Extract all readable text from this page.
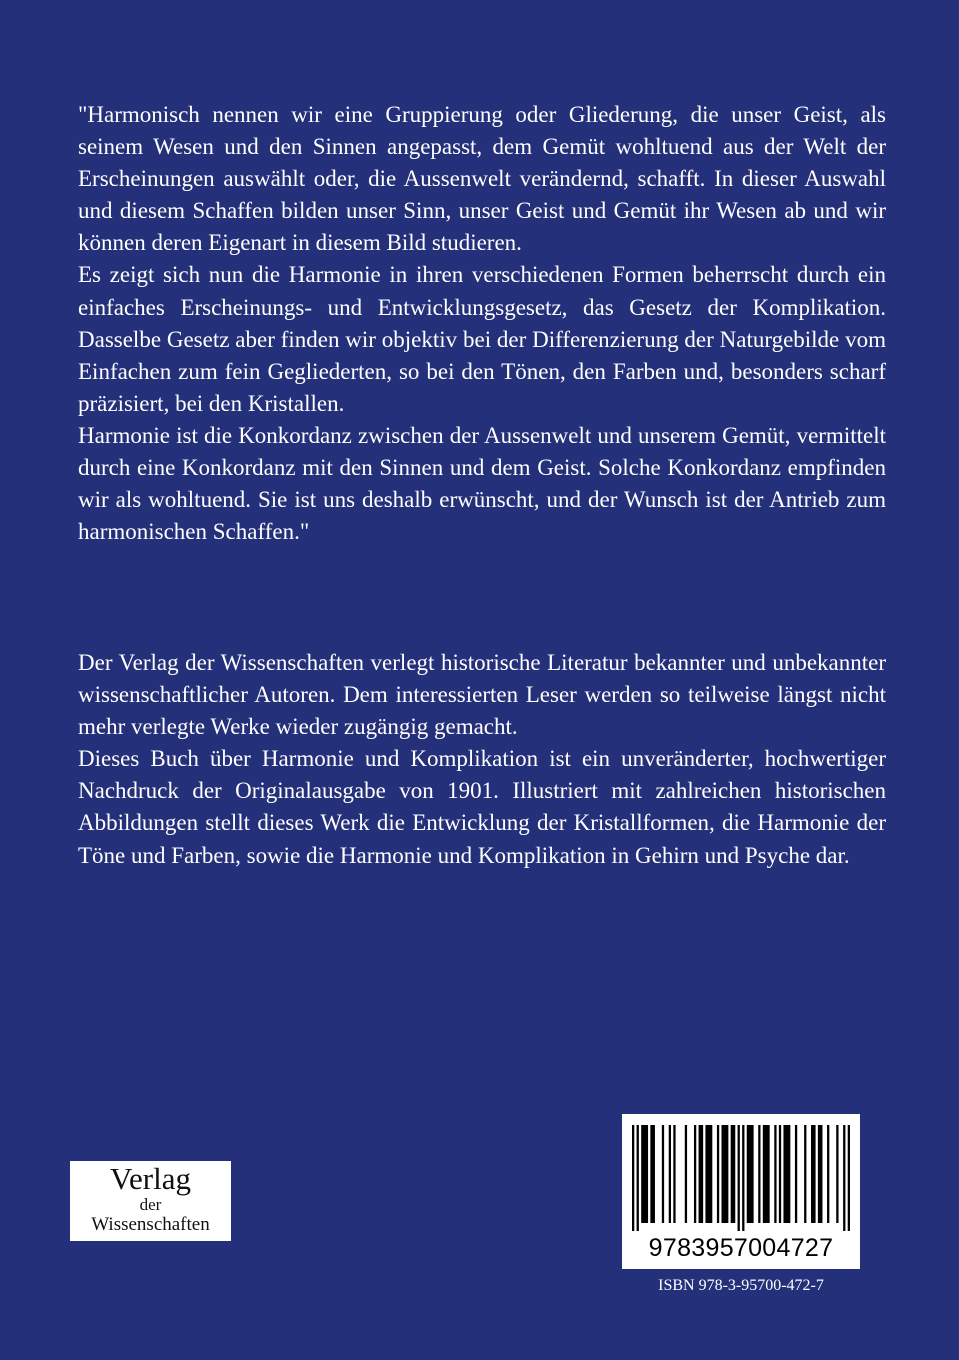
"Harmonisch nennen wir eine Gruppierung oder Gliederung, die unser Geist, als seinem Wesen und den Sinnen angepasst, dem Gemüt wohltuend aus der Welt der Erscheinungen auswählt oder, die Aussenwelt verändernd, schafft. In dieser Auswahl und diesem Schaffen bilden unser Sinn, unser Geist und Gemüt ihr Wesen ab und wir können deren Eigenart in diesem Bild studieren.

Es zeigt sich nun die Harmonie in ihren verschiedenen Formen beherrscht durch ein einfaches Erscheinungs- und Entwicklungsgesetz, das Gesetz der Komplikation. Dasselbe Gesetz aber finden wir objektiv bei der Differenzierung der Naturgebilde vom Einfachen zum fein Gegliederten, so bei den Tönen, den Farben und, besonders scharf präzisiert, bei den Kristallen.

Harmonie ist die Konkordanz zwischen der Aussenwelt und unserem Gemüt, vermittelt durch eine Konkordanz mit den Sinnen und dem Geist. Solche Konkordanz empfinden wir als wohltuend. Sie ist uns deshalb erwünscht, und der Wunsch ist der Antrieb zum harmonischen Schaffen."

Der Verlag der Wissenschaften verlegt historische Literatur bekannter und unbekannter wissenschaftlicher Autoren. Dem interessierten Leser werden so teilweise längst nicht mehr verlegte Werke wieder zugängig gemacht.

Dieses Buch über Harmonie und Komplikation ist ein unveränderter, hochwertiger Nachdruck der Originalausgabe von 1901. Illustriert mit zahlreichen historischen Abbildungen stellt dieses Werk die Entwicklung der Kristallformen, die Harmonie der Töne und Farben, sowie die Harmonie und Komplikation in Gehirn und Psyche dar.

Verlag
der
Wissenschaften
9783957004727
ISBN 978-3-95700-472-7
